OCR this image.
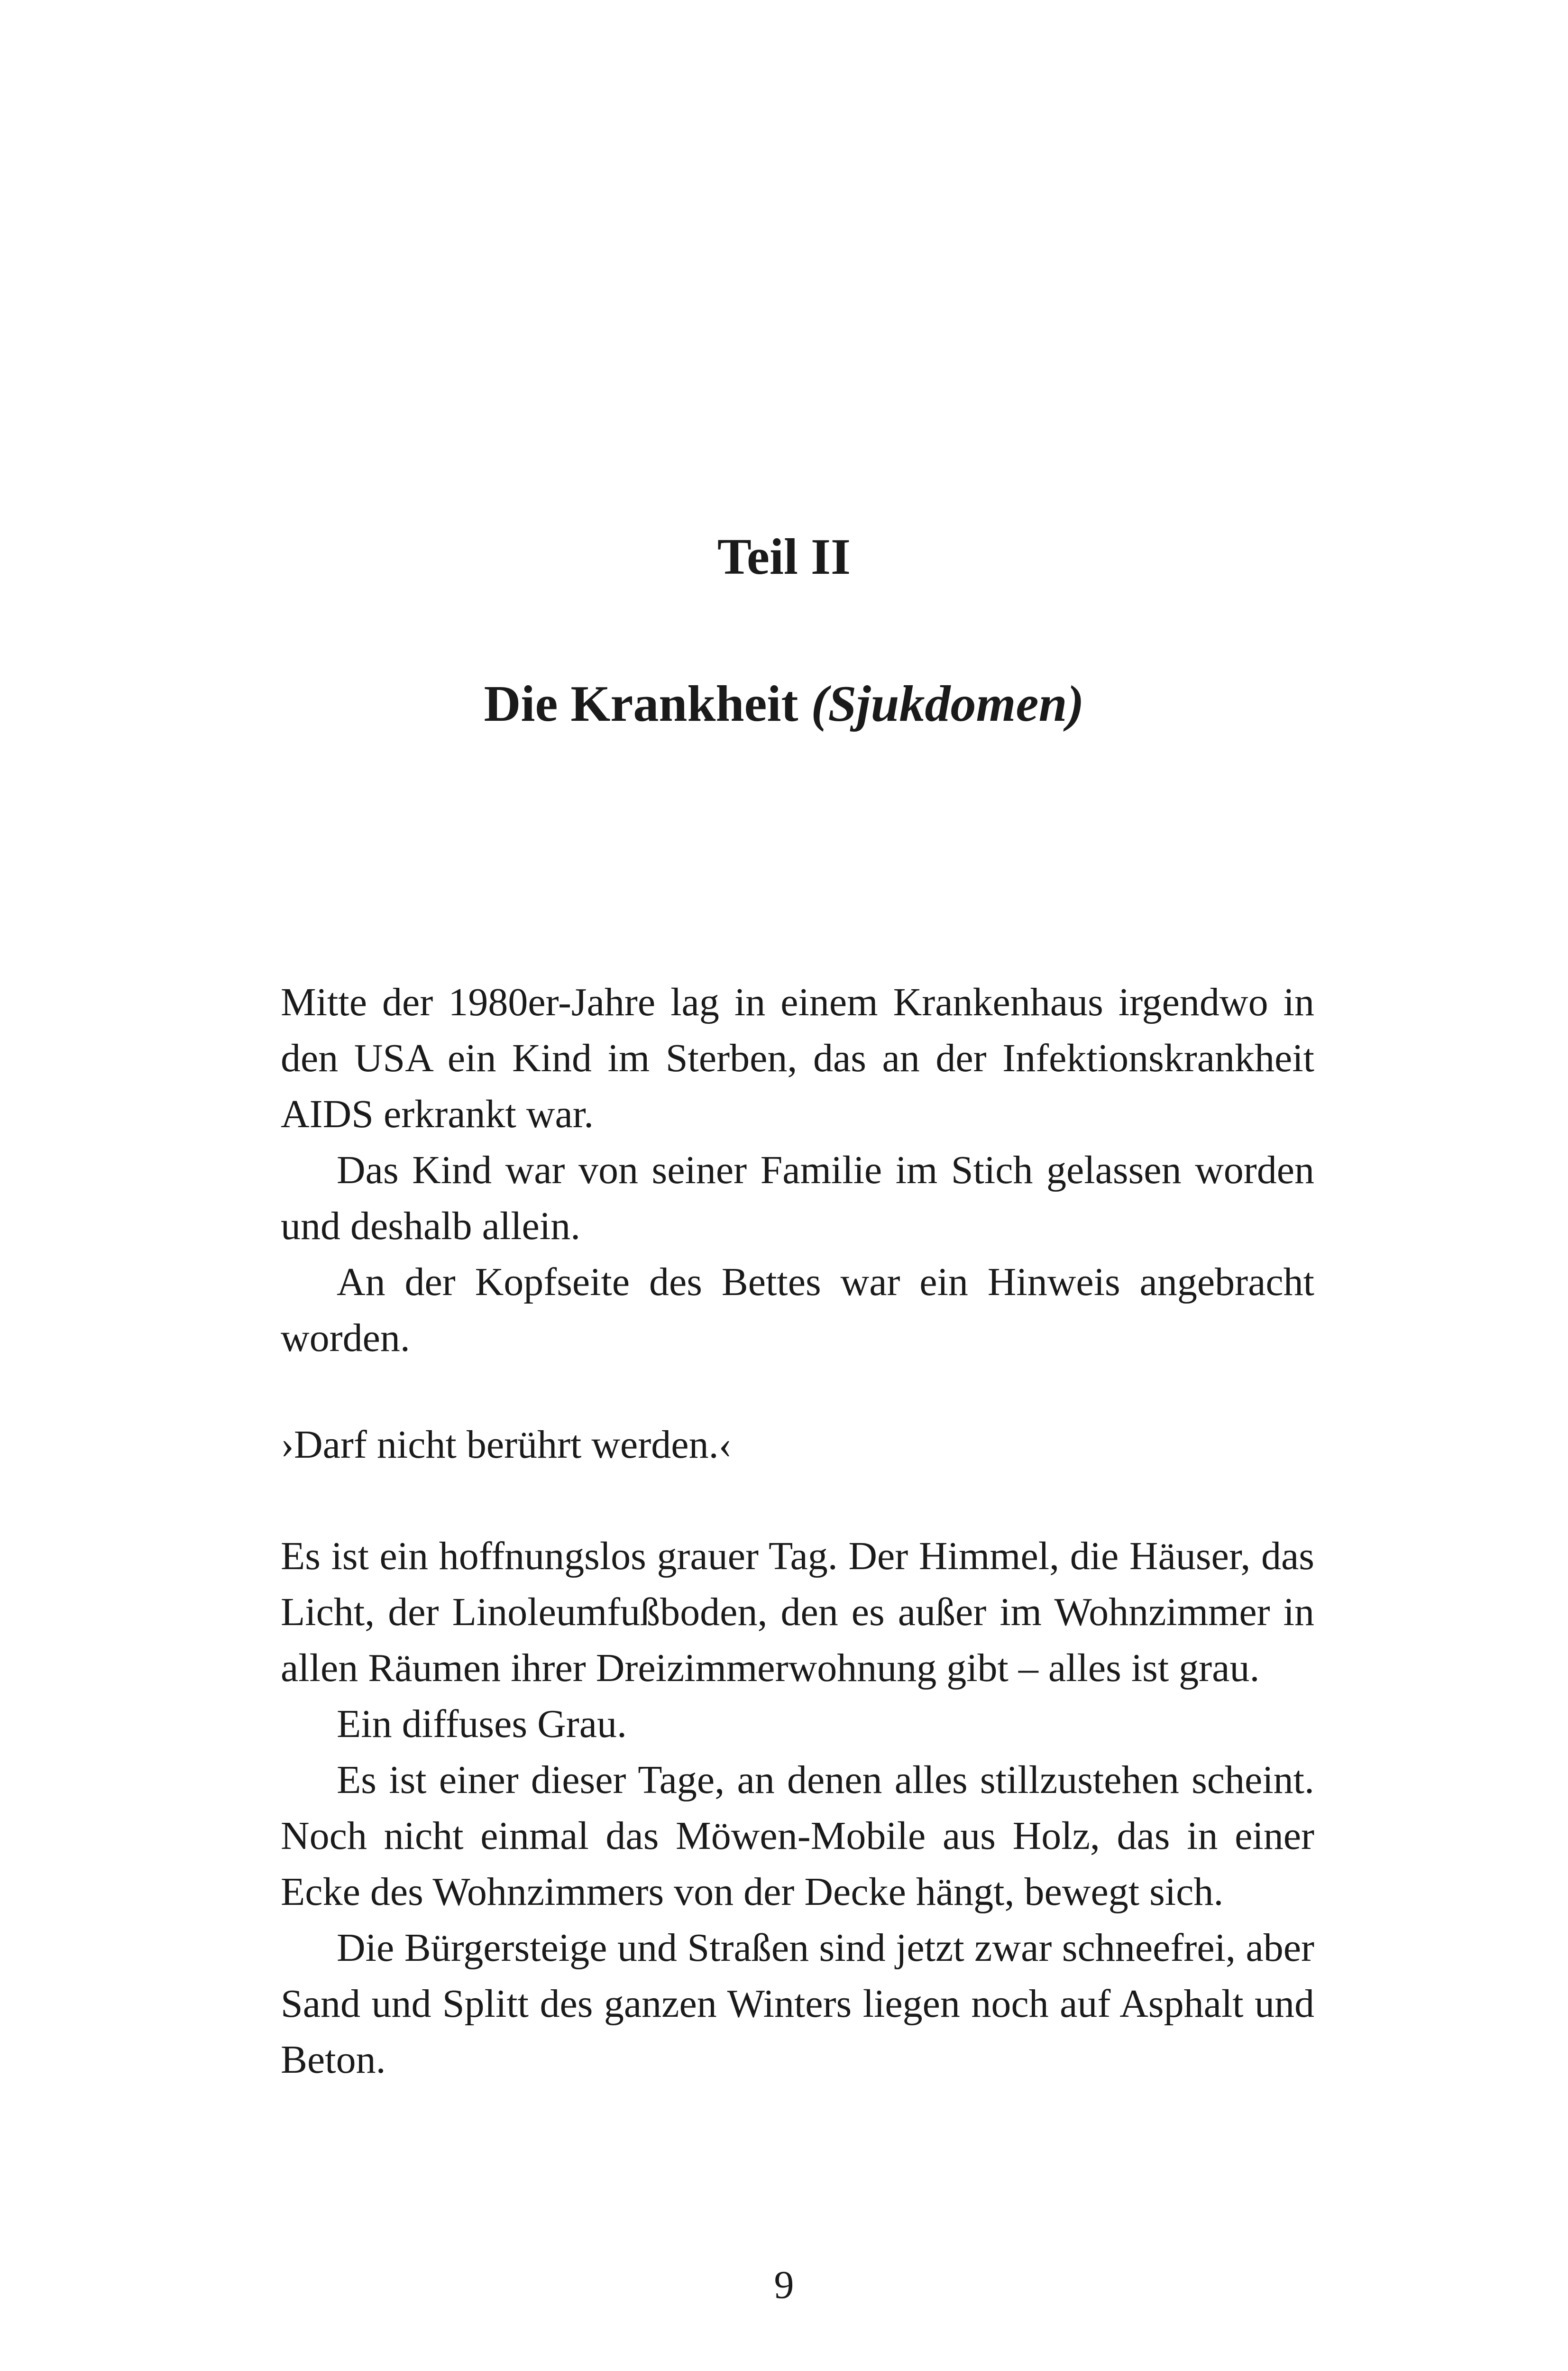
Teil II
Die Krankheit (Sjukdomen)

Mitte der 1980er-Jahre lag in einem Krankenhaus irgendwo in den USA ein Kind im Sterben, das an der Infektionskrankheit AIDS erkrankt war.

Das Kind war von seiner Familie im Stich gelassen worden und deshalb allein.

An der Kopfseite des Bettes war ein Hinweis angebracht worden.

›Darf nicht berührt werden.‹

Es ist ein hoffnungslos grauer Tag. Der Himmel, die Häuser, das Licht, der Linoleumfußboden, den es außer im Wohnzimmer in allen Räumen ihrer Dreizimmerwohnung gibt – alles ist grau.

Ein diffuses Grau.

Es ist einer dieser Tage, an denen alles stillzustehen scheint. Noch nicht einmal das Möwen-Mobile aus Holz, das in einer Ecke des Wohnzimmers von der Decke hängt, bewegt sich.

Die Bürgersteige und Straßen sind jetzt zwar schneefrei, aber Sand und Splitt des ganzen Winters liegen noch auf Asphalt und Beton.

9
